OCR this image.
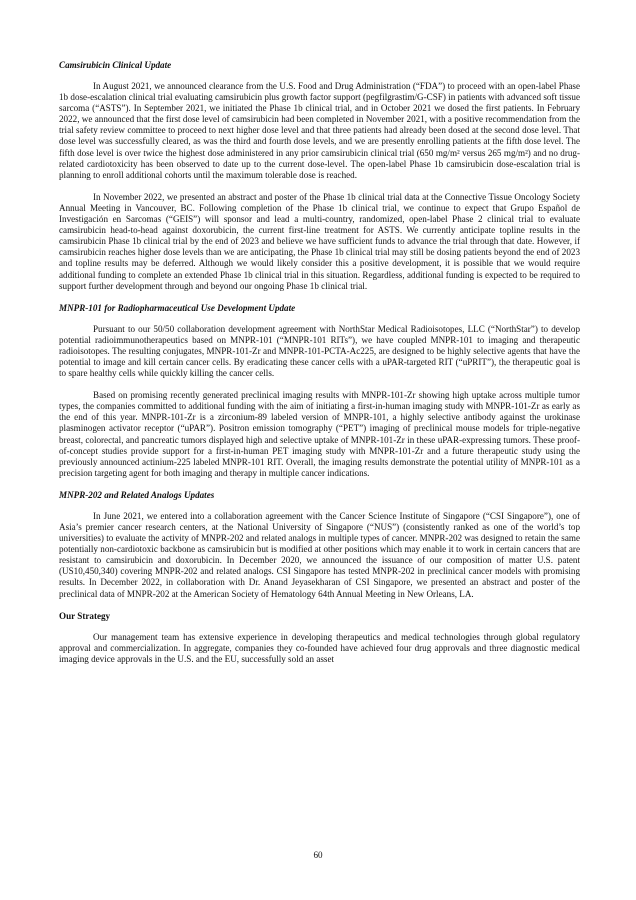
Camsirubicin Clinical Update

In August 2021, we announced clearance from the U.S. Food and Drug Administration (“FDA”) to proceed with an open-label Phase 1b dose-escalation clinical trial evaluating camsirubicin plus growth factor support (pegfilgrastim/G-CSF) in patients with advanced soft tissue sarcoma (“ASTS”). In September 2021, we initiated the Phase 1b clinical trial, and in October 2021 we dosed the first patients. In February 2022, we announced that the first dose level of camsirubicin had been completed in November 2021, with a positive recommendation from the trial safety review committee to proceed to next higher dose level and that three patients had already been dosed at the second dose level. That dose level was successfully cleared, as was the third and fourth dose levels, and we are presently enrolling patients at the fifth dose level. The fifth dose level is over twice the highest dose administered in any prior camsirubicin clinical trial (650 mg/m² versus 265 mg/m²) and no drug-related cardiotoxicity has been observed to date up to the current dose-level. The open-label Phase 1b camsirubicin dose-escalation trial is planning to enroll additional cohorts until the maximum tolerable dose is reached.

In November 2022, we presented an abstract and poster of the Phase 1b clinical trial data at the Connective Tissue Oncology Society Annual Meeting in Vancouver, BC. Following completion of the Phase 1b clinical trial, we continue to expect that Grupo Español de Investigación en Sarcomas (“GEIS”) will sponsor and lead a multi-country, randomized, open-label Phase 2 clinical trial to evaluate camsirubicin head-to-head against doxorubicin, the current first-line treatment for ASTS. We currently anticipate topline results in the camsirubicin Phase 1b clinical trial by the end of 2023 and believe we have sufficient funds to advance the trial through that date. However, if camsirubicin reaches higher dose levels than we are anticipating, the Phase 1b clinical trial may still be dosing patients beyond the end of 2023 and topline results may be deferred. Although we would likely consider this a positive development, it is possible that we would require additional funding to complete an extended Phase 1b clinical trial in this situation. Regardless, additional funding is expected to be required to support further development through and beyond our ongoing Phase 1b clinical trial.

MNPR-101 for Radiopharmaceutical Use Development Update

Pursuant to our 50/50 collaboration development agreement with NorthStar Medical Radioisotopes, LLC (“NorthStar”) to develop potential radioimmunotherapeutics based on MNPR-101 (“MNPR-101 RITs”), we have coupled MNPR-101 to imaging and therapeutic radioisotopes. The resulting conjugates, MNPR-101-Zr and MNPR-101-PCTA-Ac225, are designed to be highly selective agents that have the potential to image and kill certain cancer cells. By eradicating these cancer cells with a uPAR-targeted RIT (“uPRIT”), the therapeutic goal is to spare healthy cells while quickly killing the cancer cells.

Based on promising recently generated preclinical imaging results with MNPR-101-Zr showing high uptake across multiple tumor types, the companies committed to additional funding with the aim of initiating a first-in-human imaging study with MNPR-101-Zr as early as the end of this year. MNPR-101-Zr is a zirconium-89 labeled version of MNPR-101, a highly selective antibody against the urokinase plasminogen activator receptor (“uPAR”). Positron emission tomography (“PET”) imaging of preclinical mouse models for triple-negative breast, colorectal, and pancreatic tumors displayed high and selective uptake of MNPR-101-Zr in these uPAR-expressing tumors. These proof-of-concept studies provide support for a first-in-human PET imaging study with MNPR-101-Zr and a future therapeutic study using the previously announced actinium-225 labeled MNPR-101 RIT. Overall, the imaging results demonstrate the potential utility of MNPR-101 as a precision targeting agent for both imaging and therapy in multiple cancer indications.

MNPR-202 and Related Analogs Updates

In June 2021, we entered into a collaboration agreement with the Cancer Science Institute of Singapore (“CSI Singapore”), one of Asia’s premier cancer research centers, at the National University of Singapore (“NUS”) (consistently ranked as one of the world’s top universities) to evaluate the activity of MNPR-202 and related analogs in multiple types of cancer. MNPR-202 was designed to retain the same potentially non-cardiotoxic backbone as camsirubicin but is modified at other positions which may enable it to work in certain cancers that are resistant to camsirubicin and doxorubicin. In December 2020, we announced the issuance of our composition of matter U.S. patent (US10,450,340) covering MNPR-202 and related analogs. CSI Singapore has tested MNPR-202 in preclinical cancer models with promising results. In December 2022, in collaboration with Dr. Anand Jeyasekharan of CSI Singapore, we presented an abstract and poster of the preclinical data of MNPR-202 at the American Society of Hematology 64th Annual Meeting in New Orleans, LA.

Our Strategy

Our management team has extensive experience in developing therapeutics and medical technologies through global regulatory approval and commercialization. In aggregate, companies they co-founded have achieved four drug approvals and three diagnostic medical imaging device approvals in the U.S. and the EU, successfully sold an asset

60
